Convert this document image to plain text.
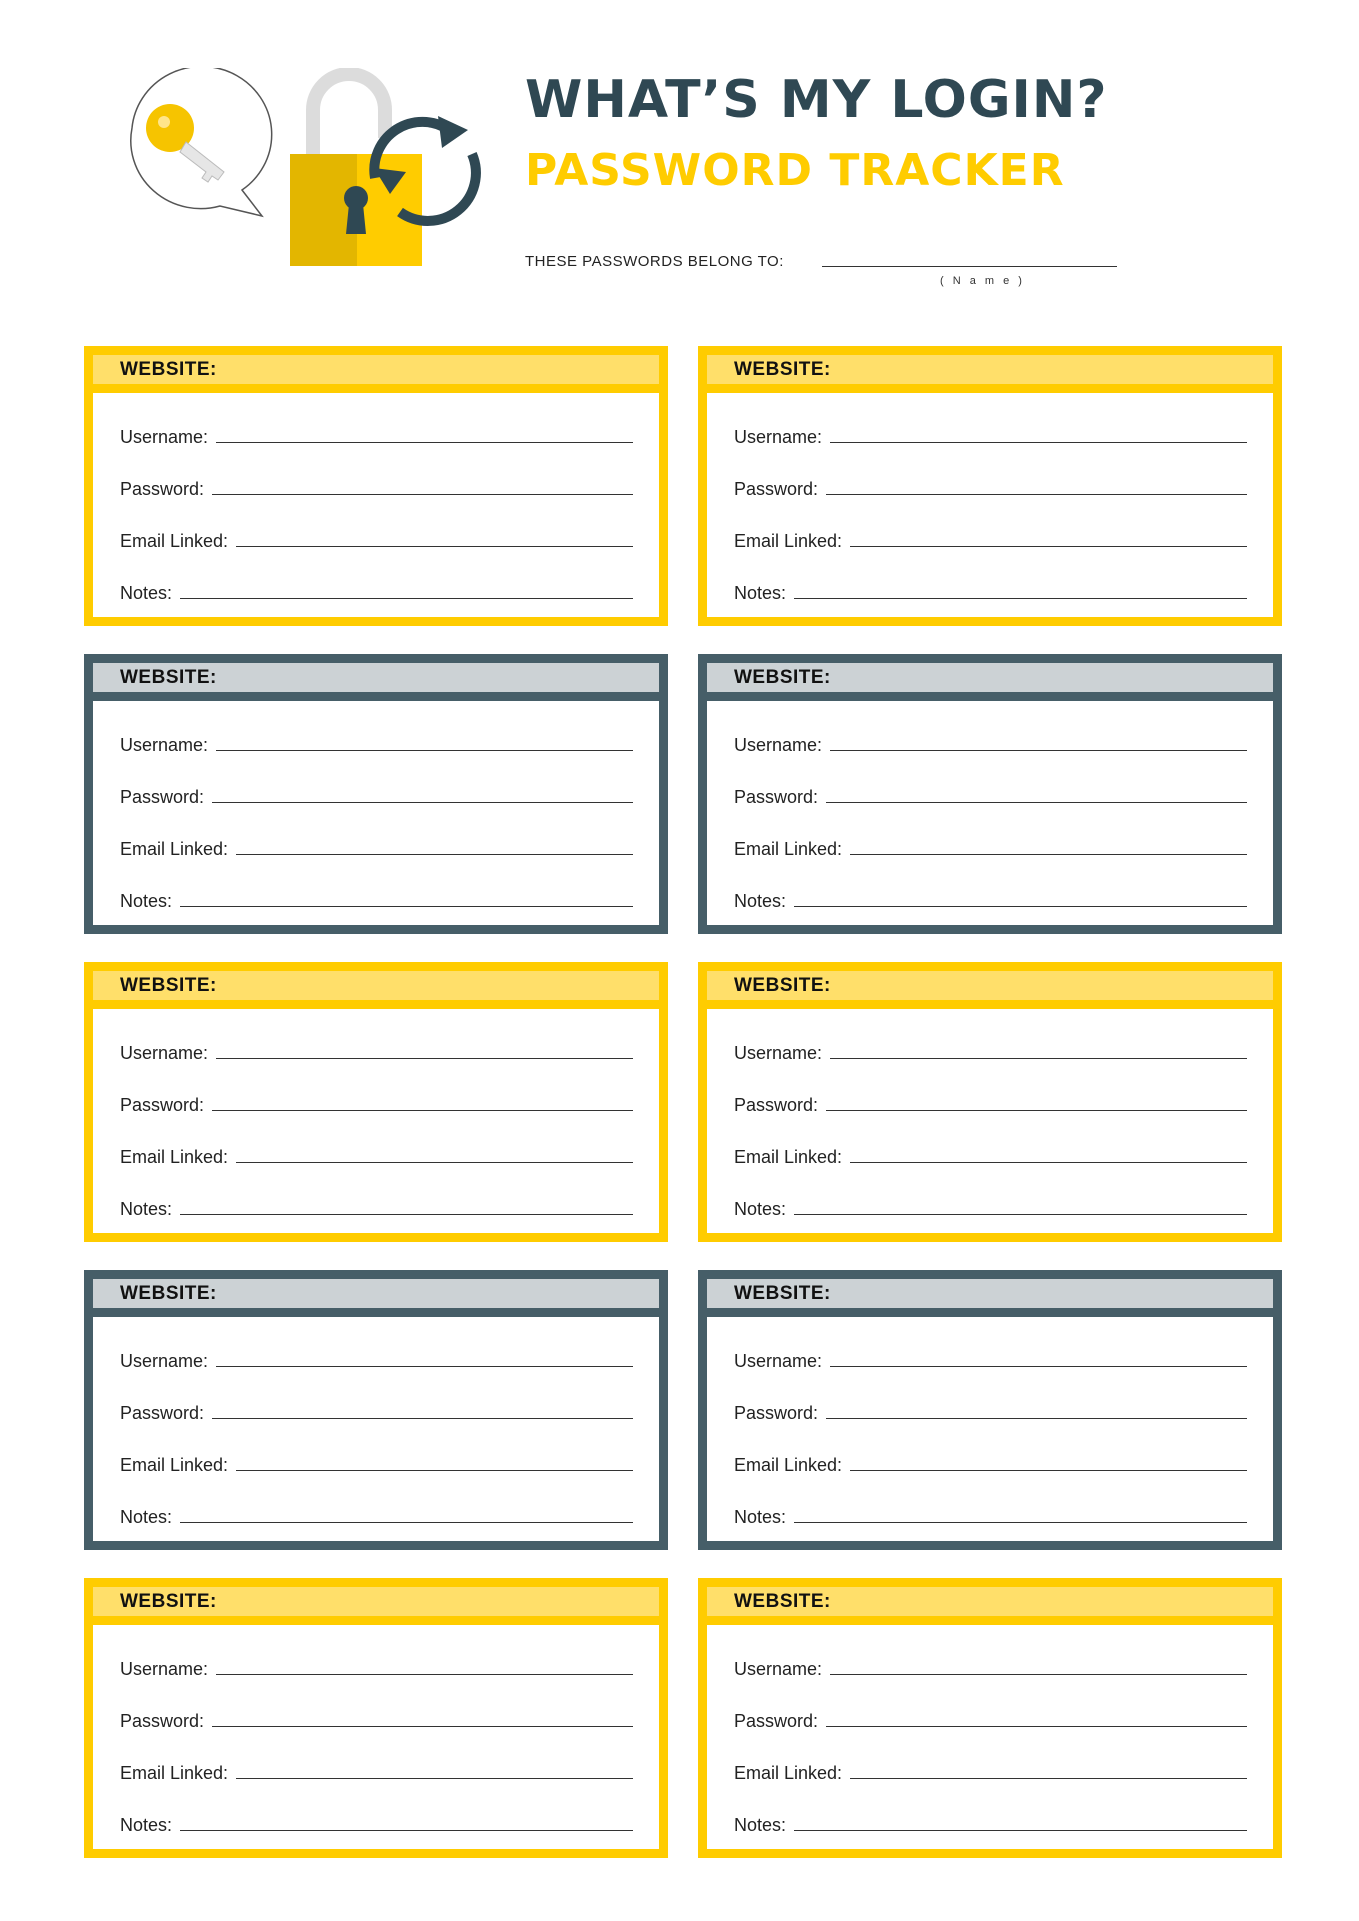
WHAT’S MY LOGIN?
PASSWORD TRACKER
THESE PASSWORDS BELONG TO:
( N a m e )
WEBSITE:
Username:
Password:
Email Linked:
Notes:
WEBSITE:
Username:
Password:
Email Linked:
Notes:
WEBSITE:
Username:
Password:
Email Linked:
Notes:
WEBSITE:
Username:
Password:
Email Linked:
Notes:
WEBSITE:
Username:
Password:
Email Linked:
Notes:
WEBSITE:
Username:
Password:
Email Linked:
Notes:
WEBSITE:
Username:
Password:
Email Linked:
Notes:
WEBSITE:
Username:
Password:
Email Linked:
Notes:
WEBSITE:
Username:
Password:
Email Linked:
Notes:
WEBSITE:
Username:
Password:
Email Linked:
Notes:
